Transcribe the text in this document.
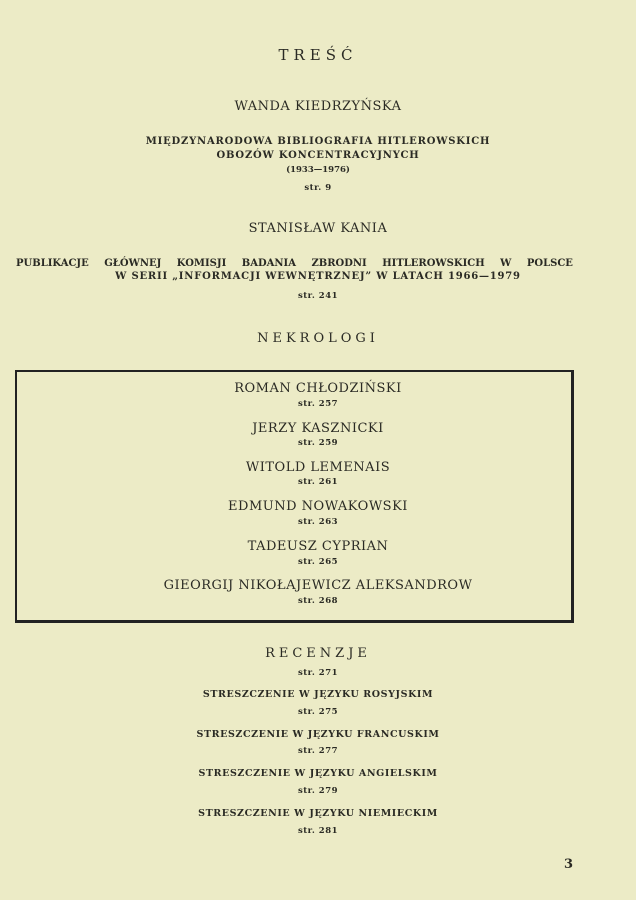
TREŚĆ
WANDA KIEDRZYŃSKA
MIĘDZYNARODOWA BIBLIOGRAFIA HITLEROWSKICH
OBOZÓW KONCENTRACYJNYCH
(1933—1976)
str. 9
STANISŁAW KANIA
PUBLIKACJE GŁÓWNEJ KOMISJI BADANIA ZBRODNI HITLEROWSKICH W POLSCE
W SERII „INFORMACJI WEWNĘTRZNEJ” W LATACH 1966—1979
str. 241
NEKROLOGI
ROMAN CHŁODZIŃSKI
str. 257
JERZY KASZNICKI
str. 259
WITOLD LEMENAIS
str. 261
EDMUND NOWAKOWSKI
str. 263
TADEUSZ CYPRIAN
str. 265
GIEORGIJ NIKOŁAJEWICZ ALEKSANDROW
str. 268
RECENZJE
str. 271
STRESZCZENIE W JĘZYKU ROSYJSKIM
str. 275
STRESZCZENIE W JĘZYKU FRANCUSKIM
str. 277
STRESZCZENIE W JĘZYKU ANGIELSKIM
str. 279
STRESZCZENIE W JĘZYKU NIEMIECKIM
str. 281
3
